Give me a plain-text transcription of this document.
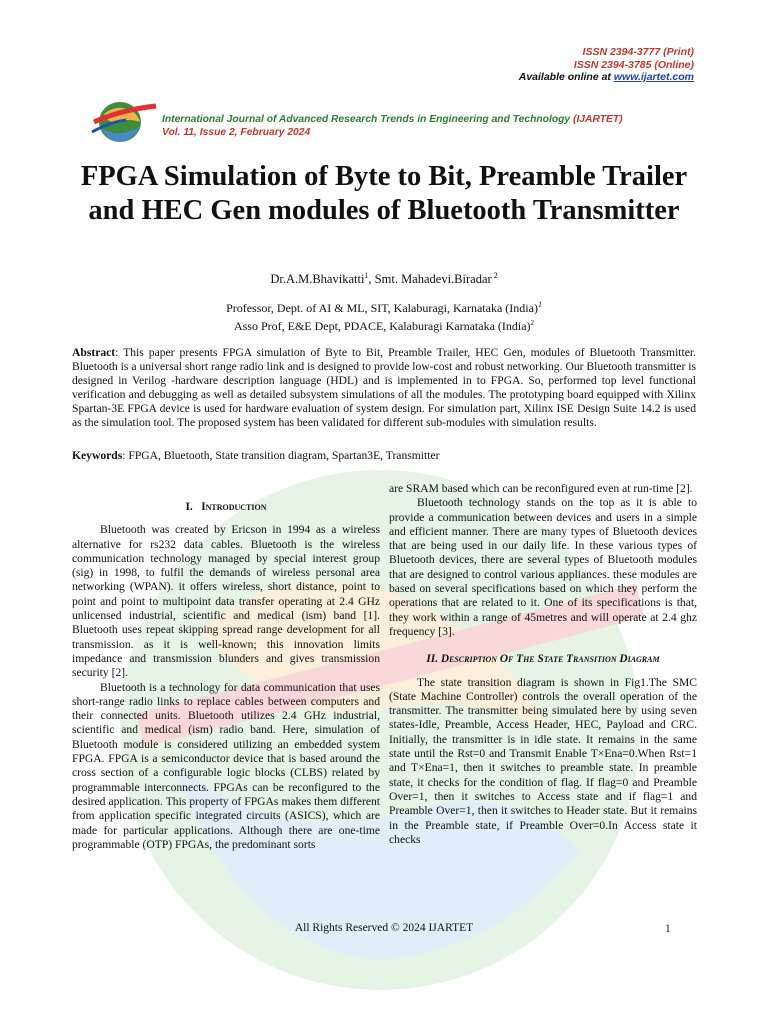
ISSN 2394-3777 (Print)
ISSN 2394-3785 (Online)
Available online at www.ijartet.com
International Journal of Advanced Research Trends in Engineering and Technology (IJARTET)
Vol. 11, Issue 2, February 2024
FPGA Simulation of Byte to Bit, Preamble Trailer and HEC Gen modules of Bluetooth Transmitter
Dr.A.M.Bhavikatti$^1$, Smt. Mahadevi.Biradar $^2$
Professor, Dept. of AI & ML, SIT, Kalaburagi, Karnataka (India)$^1$
Asso Prof, E&E Dept, PDACE, Kalaburagi Karnataka (India)$^2$
Abstract: This paper presents FPGA simulation of Byte to Bit, Preamble Trailer, HEC Gen, modules of Bluetooth Transmitter. Bluetooth is a universal short range radio link and is designed to provide low-cost and robust networking. Our Bluetooth transmitter is designed in Verilog -hardware description language (HDL) and is implemented in to FPGA. So, performed top level functional verification and debugging as well as detailed subsystem simulations of all the modules. The prototyping board equipped with Xilinx Spartan-3E FPGA device is used for hardware evaluation of system design. For simulation part, Xilinx ISE Design Suite 14.2 is used as the simulation tool. The proposed system has been validated for different sub-modules with simulation results.
Keywords: FPGA, Bluetooth, State transition diagram, Spartan3E, Transmitter
I. Introduction

Bluetooth was created by Ericson in 1994 as a wireless alternative for rs232 data cables. Bluetooth is the wireless communication technology managed by special interest group (sig) in 1998, to fulfil the demands of wireless personal area networking (WPAN). it offers wireless, short distance, point to point and point to multipoint data transfer operating at 2.4 GHz unlicensed industrial, scientific and medical (ism) band [1]. Bluetooth uses repeat skipping spread range development for all transmission. as it is well-known; this innovation limits impedance and transmission blunders and gives transmission security [2].

Bluetooth is a technology for data communication that uses short-range radio links to replace cables between computers and their connected units. Bluetooth utilizes 2.4 GHz industrial, scientific and medical (ism) radio band. Here, simulation of Bluetooth module is considered utilizing an embedded system FPGA. FPGA is a semiconductor device that is based around the cross section of a configurable logic blocks (CLBS) related by programmable interconnects. FPGAs can be reconfigured to the desired application. This property of FPGAs makes them different from application specific integrated circuits (ASICS), which are made for particular applications. Although there are one-time programmable (OTP) FPGAs, the predominant sorts

are SRAM based which can be reconfigured even at run-time [2].

Bluetooth technology stands on the top as it is able to provide a communication between devices and users in a simple and efficient manner. There are many types of Bluetooth devices that are being used in our daily life. In these various types of Bluetooth devices, there are several types of Bluetooth modules that are designed to control various appliances. these modules are based on several specifications based on which they perform the operations that are related to it. One of its specifications is that, they work within a range of 45metres and will operate at 2.4 ghz frequency [3].

II. Description Of The State Transition Diagram

The state transition diagram is shown in Fig1.The SMC (State Machine Controller) controls the overall operation of the transmitter. The transmitter being simulated here by using seven states-Idle, Preamble, Access Header, HEC, Payload and CRC. Initially, the transmitter is in idle state. It remains in the same state until the Rst=0 and Transmit Enable T×Ena=0.When Rst=1 and T×Ena=1, then it switches to preamble state. In preamble state, it checks for the condition of flag. If flag=0 and Preamble Over=1, then it switches to Access state and if flag=1 and Preamble Over=1, then it switches to Header state. But it remains in the Preamble state, if Preamble Over=0.In Access state it checks

All Rights Reserved © 2024 IJARTET	1
